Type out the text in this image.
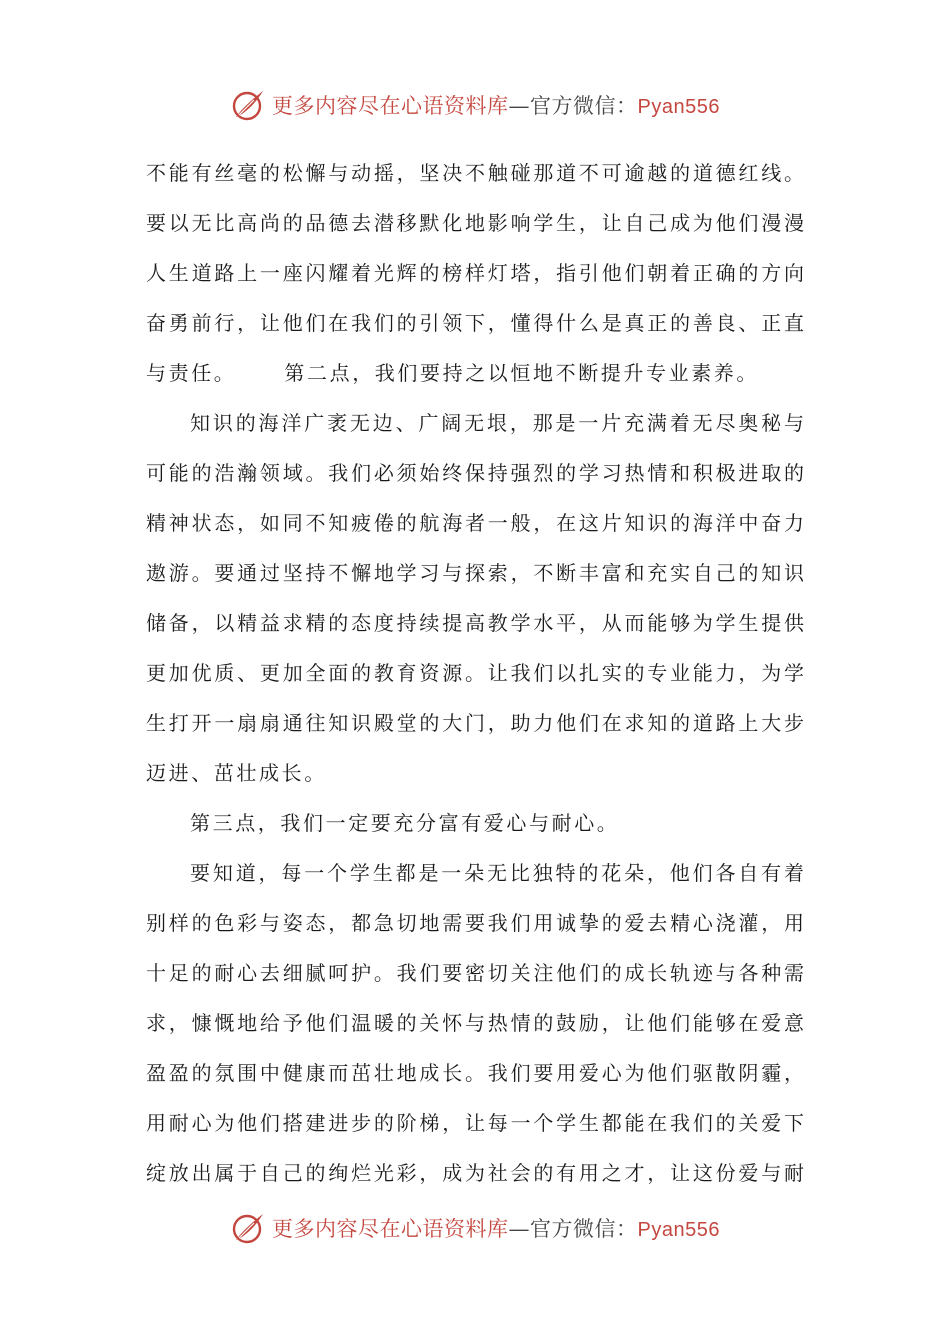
更多内容尽在心语资料库 —官方微信： Pyan556
不能有丝毫的松懈与动摇，坚决不触碰那道不可逾越的道德红线。
要以无比高尚的品德去潜移默化地影响学生，让自己成为他们漫漫
人生道路上一座闪耀着光辉的榜样灯塔，指引他们朝着正确的方向
奋勇前行，让他们在我们的引领下，懂得什么是真正的善良、正直
与责任。 第二点，我们要持之以恒地不断提升专业素养。
知识的海洋广袤无边、广阔无垠，那是一片充满着无尽奥秘与
可能的浩瀚领域。我们必须始终保持强烈的学习热情和积极进取的
精神状态，如同不知疲倦的航海者一般，在这片知识的海洋中奋力
遨游。要通过坚持不懈地学习与探索，不断丰富和充实自己的知识
储备，以精益求精的态度持续提高教学水平，从而能够为学生提供
更加优质、更加全面的教育资源。让我们以扎实的专业能力，为学
生打开一扇扇通往知识殿堂的大门，助力他们在求知的道路上大步
迈进、茁壮成长。
第三点，我们一定要充分富有爱心与耐心。
要知道，每一个学生都是一朵无比独特的花朵，他们各自有着
别样的色彩与姿态，都急切地需要我们用诚挚的爱去精心浇灌，用
十足的耐心去细腻呵护。我们要密切关注他们的成长轨迹与各种需
求，慷慨地给予他们温暖的关怀与热情的鼓励，让他们能够在爱意
盈盈的氛围中健康而茁壮地成长。我们要用爱心为他们驱散阴霾，
用耐心为他们搭建进步的阶梯，让每一个学生都能在我们的关爱下
绽放出属于自己的绚烂光彩，成为社会的有用之才，让这份爱与耐
更多内容尽在心语资料库 —官方微信： Pyan556
